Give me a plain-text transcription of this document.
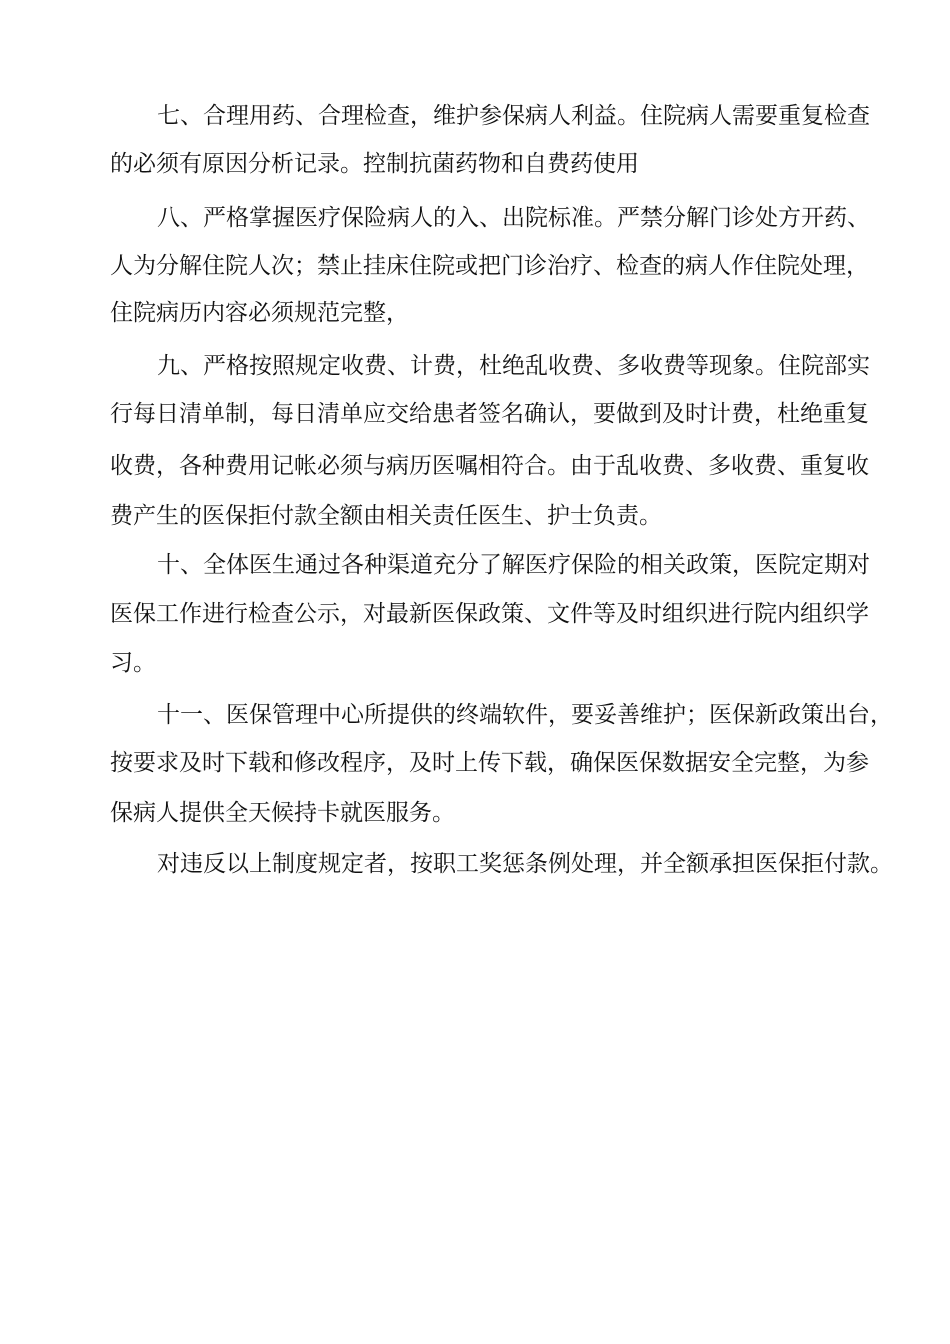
七、合理用药、合理检查，维护参保病人利益。住院病人需要重复检查

的必须有原因分析记录。控制抗菌药物和自费药使用

八、严格掌握医疗保险病人的入、出院标准。严禁分解门诊处方开药、

人为分解住院人次；禁止挂床住院或把门诊治疗、检查的病人作住院处理，

住院病历内容必须规范完整，

九、严格按照规定收费、计费，杜绝乱收费、多收费等现象。住院部实

行每日清单制，每日清单应交给患者签名确认，要做到及时计费，杜绝重复

收费，各种费用记帐必须与病历医嘱相符合。由于乱收费、多收费、重复收

费产生的医保拒付款全额由相关责任医生、护士负责。

十、全体医生通过各种渠道充分了解医疗保险的相关政策，医院定期对

医保工作进行检查公示，对最新医保政策、文件等及时组织进行院内组织学

习。

十一、医保管理中心所提供的终端软件，要妥善维护；医保新政策出台，

按要求及时下载和修改程序，及时上传下载，确保医保数据安全完整，为参

保病人提供全天候持卡就医服务。

对违反以上制度规定者，按职工奖惩条例处理，并全额承担医保拒付款。
